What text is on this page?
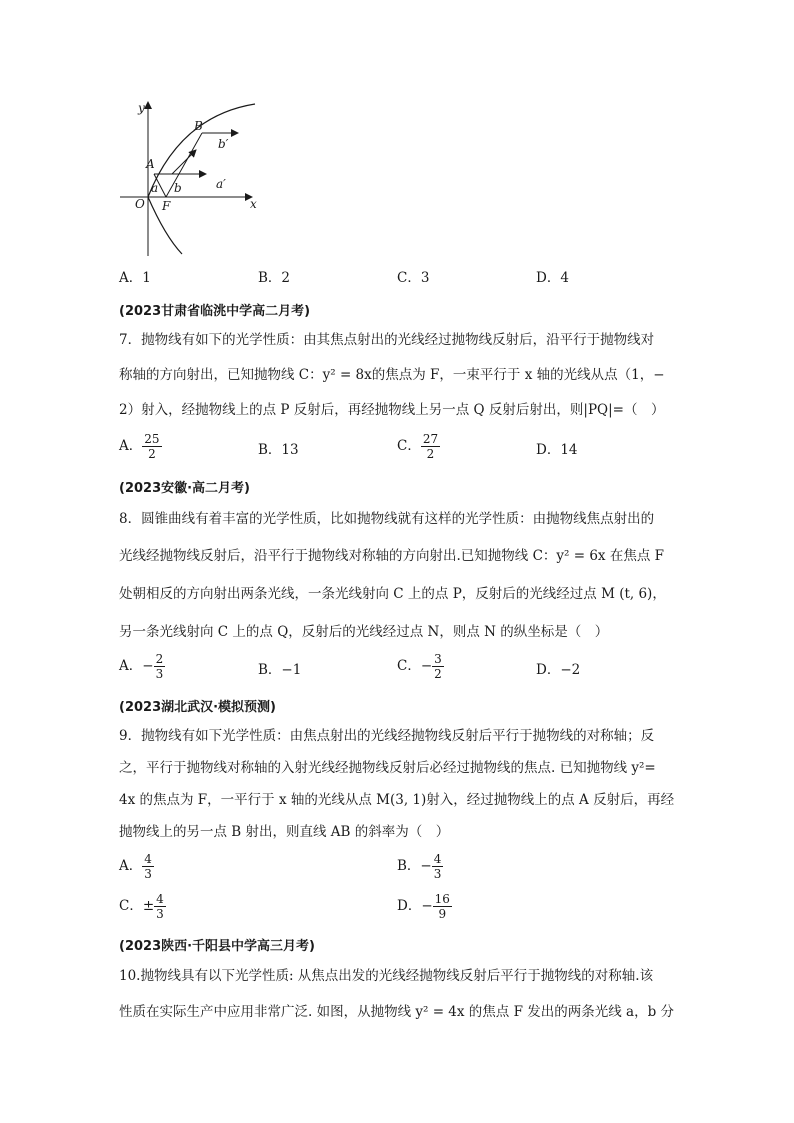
y
x
O F
A
B
a b	a′
b′
A．1	B．2	C．3	D．4
(2023甘肃省临洮中学高二月考)
7．抛物线有如下的光学性质：由其焦点射出的光线经过抛物线反射后，沿平行于抛物线对
称轴的方向射出，已知抛物线 C：y² = 8x的焦点为 F，一束平行于 x 轴的光线从点（1，−
2）射入，经抛物线上的点 P 反射后，再经抛物线上另一点 Q 反射后射出，则|PQ|=（　）
A． $\frac{25}{2}$	B．13	C． $\frac{27}{2}$	D．14
(2023安徽·高二月考)
8．圆锥曲线有着丰富的光学性质，比如抛物线就有这样的光学性质：由抛物线焦点射出的
光线经抛物线反射后，沿平行于抛物线对称轴的方向射出.已知抛物线 C：y² = 6x 在焦点 F
处朝相反的方向射出两条光线，一条光线射向 C 上的点 P，反射后的光线经过点 M (t, 6)，
另一条光线射向 C 上的点 Q，反射后的光线经过点 N，则点 N 的纵坐标是（　）
A．− $\frac{2}{3}$	B．−1	C．− $\frac{3}{2}$	D．−2
(2023湖北武汉·模拟预测)
9．抛物线有如下光学性质：由焦点射出的光线经抛物线反射后平行于抛物线的对称轴；反
之，平行于抛物线对称轴的入射光线经抛物线反射后必经过抛物线的焦点. 已知抛物线 y²=
4x 的焦点为 F，一平行于 x 轴的光线从点 M(3, 1)射入，经过抛物线上的点 A 反射后，再经
抛物线上的另一点 B 射出，则直线 AB 的斜率为（　）
A． $\frac{4}{3}$	B．− $\frac{4}{3}$
C．± $\frac{4}{3}$	D．− $\frac{16}{9}$
(2023陕西·千阳县中学高三月考)
10.抛物线具有以下光学性质: 从焦点出发的光线经抛物线反射后平行于抛物线的对称轴.该
性质在实际生产中应用非常广泛. 如图，从抛物线 y² = 4x 的焦点 F 发出的两条光线 a，b 分
